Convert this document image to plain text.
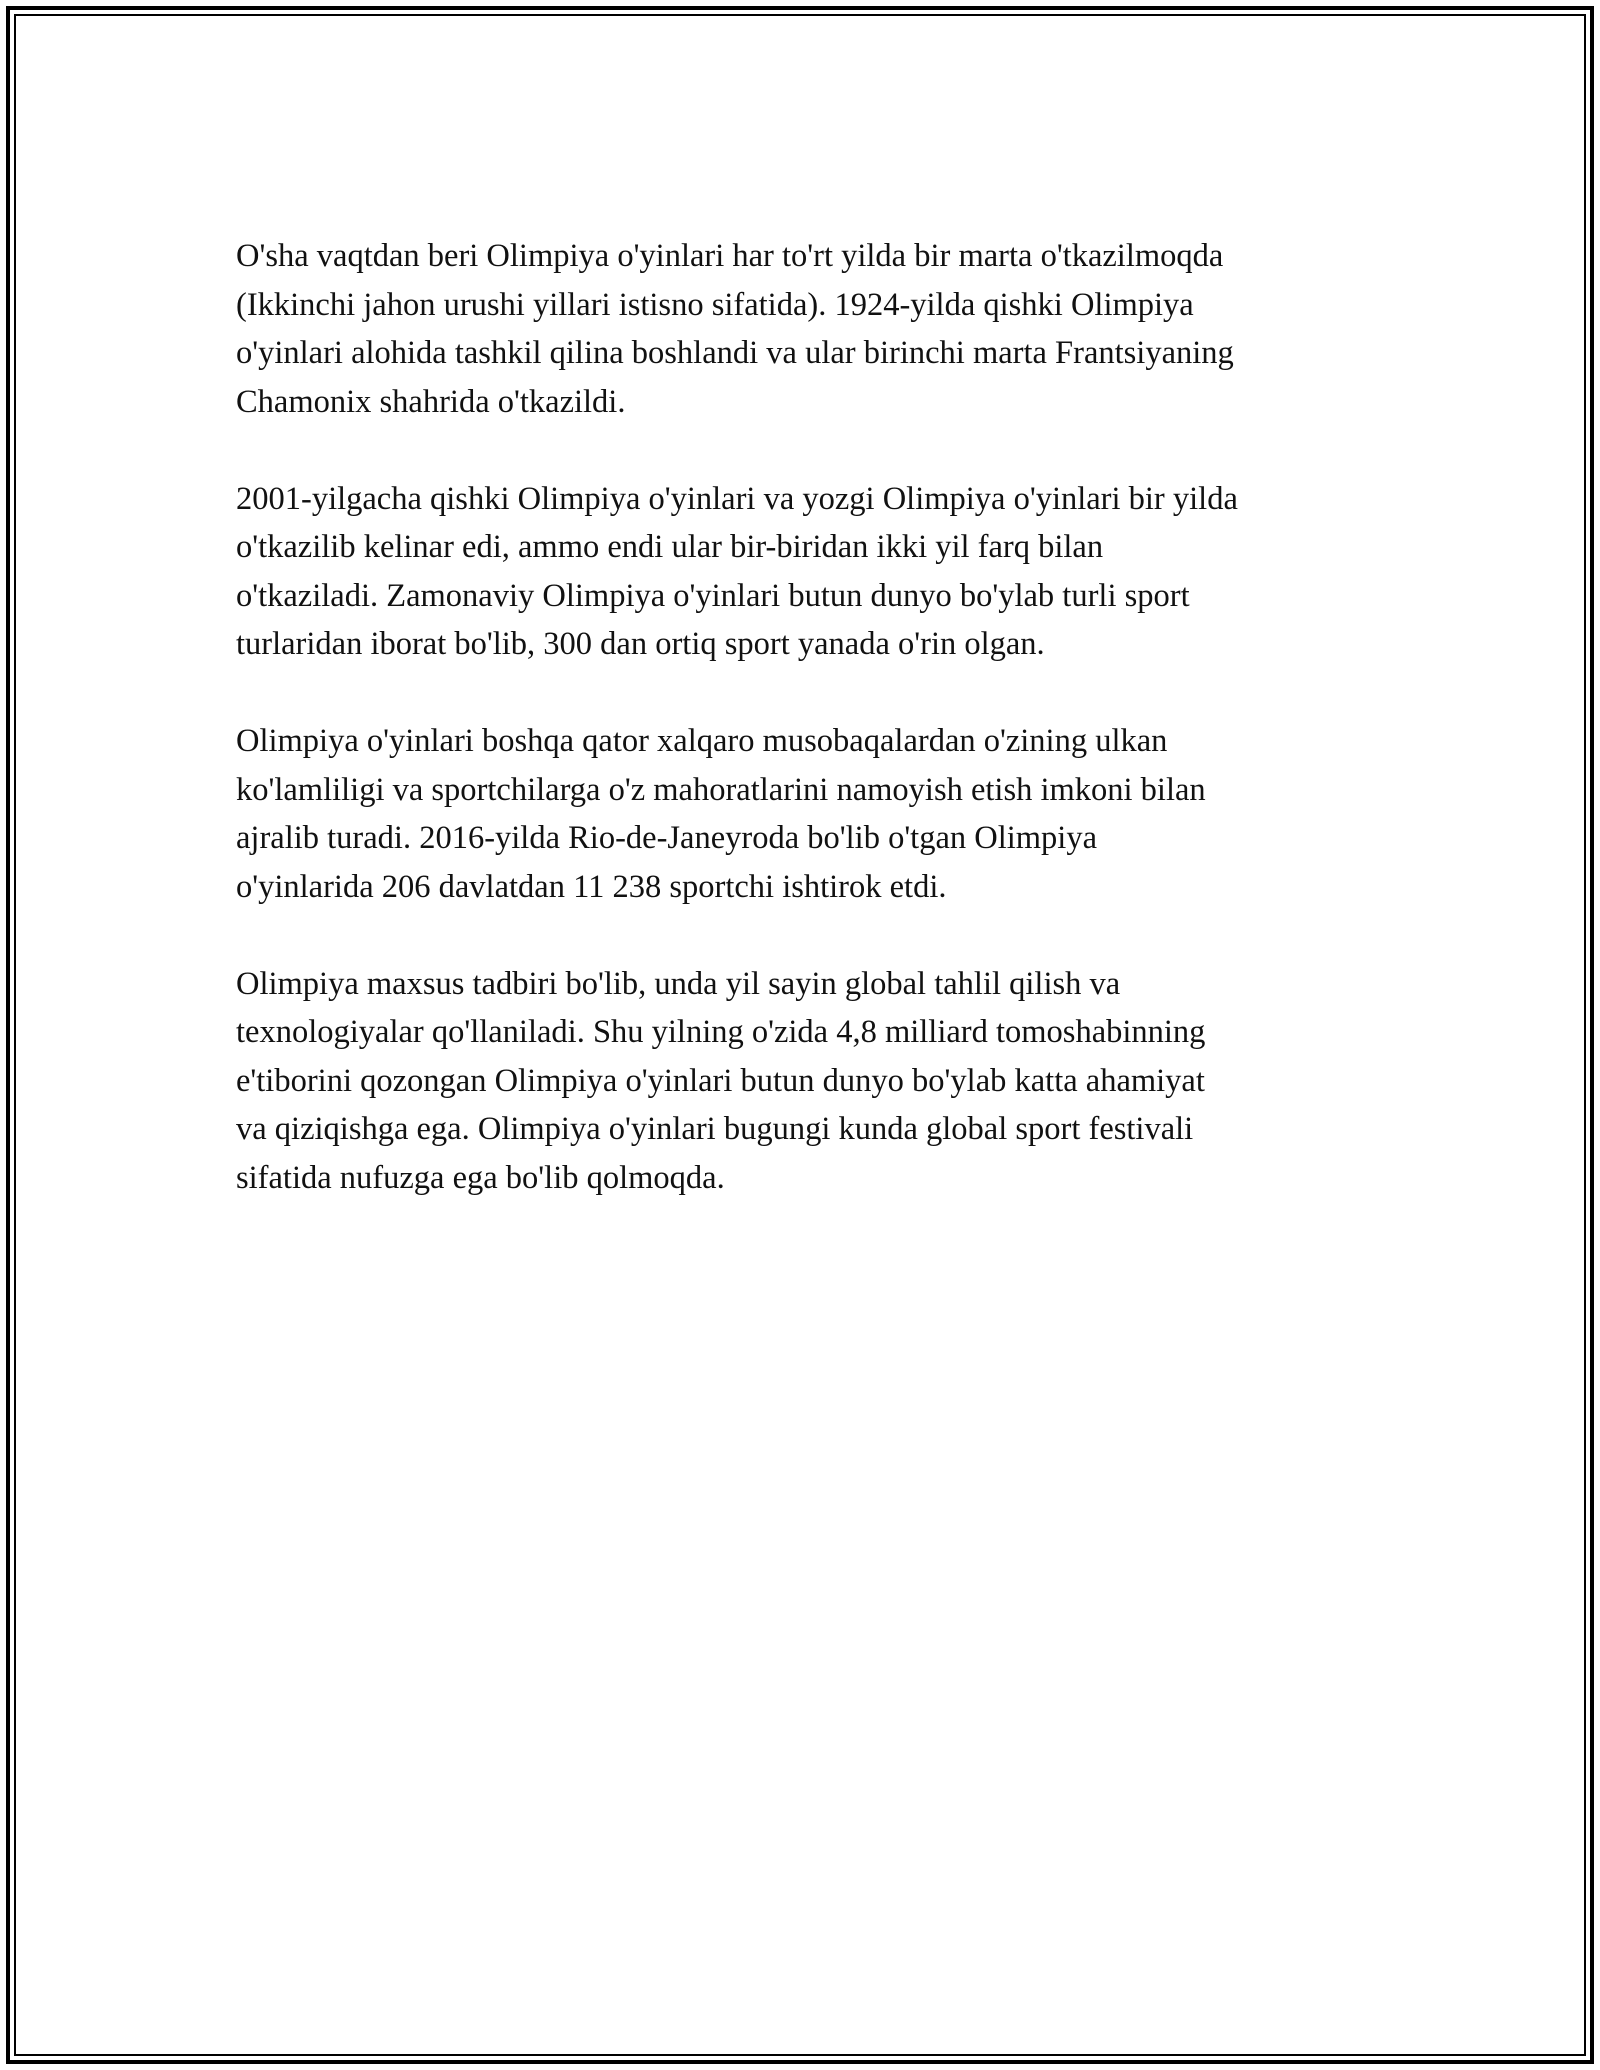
O'sha vaqtdan beri Olimpiya o'yinlari har to'rt yilda bir marta o'tkazilmoqda
(Ikkinchi jahon urushi yillari istisno sifatida). 1924-yilda qishki Olimpiya
o'yinlari alohida tashkil qilina boshlandi va ular birinchi marta Frantsiyaning
Chamonix shahrida o'tkazildi.

2001-yilgacha qishki Olimpiya o'yinlari va yozgi Olimpiya o'yinlari bir yilda
o'tkazilib kelinar edi, ammo endi ular bir-biridan ikki yil farq bilan
o'tkaziladi. Zamonaviy Olimpiya o'yinlari butun dunyo bo'ylab turli sport
turlaridan iborat bo'lib, 300 dan ortiq sport yanada o'rin olgan.

Olimpiya o'yinlari boshqa qator xalqaro musobaqalardan o'zining ulkan
ko'lamliligi va sportchilarga o'z mahoratlarini namoyish etish imkoni bilan
ajralib turadi. 2016-yilda Rio-de-Janeyroda bo'lib o'tgan Olimpiya
o'yinlarida 206 davlatdan 11 238 sportchi ishtirok etdi.

Olimpiya maxsus tadbiri bo'lib, unda yil sayin global tahlil qilish va
texnologiyalar qo'llaniladi. Shu yilning o'zida 4,8 milliard tomoshabinning
e'tiborini qozongan Olimpiya o'yinlari butun dunyo bo'ylab katta ahamiyat
va qiziqishga ega. Olimpiya o'yinlari bugungi kunda global sport festivali
sifatida nufuzga ega bo'lib qolmoqda.
